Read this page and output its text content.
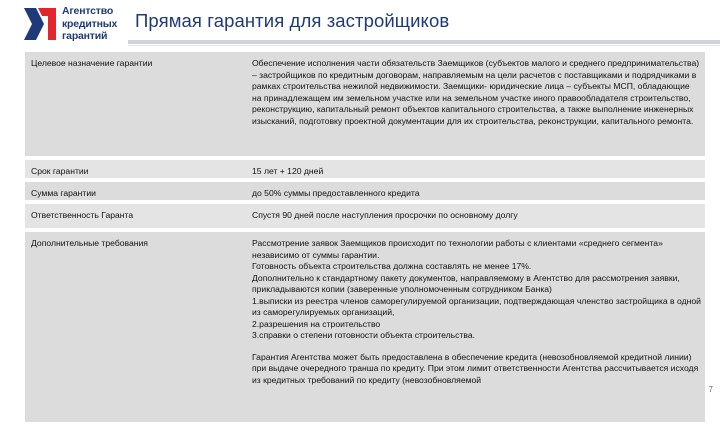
Агентство
кредитных
гарантий
Прямая гарантия для застройщиков
Целевое назначение гарантии	Обеспечение исполнения части обязательств Заемщиков (субъектов малого и среднего предпринимательства) – застройщиков по кредитным договорам, направляемым на цели расчетов с поставщиками и подрядчиками в рамках строительства нежилой недвижимости. Заемщики- юридические лица – субъекты МСП, обладающие на принадлежащем им земельном участке или на земельном участке иного правообладателя строительство, реконструкцию, капитальный ремонт объектов капитального строительства, а также выполнение инженерных изысканий, подготовку проектной документации для их строительства, реконструкции, капитального ремонта.
Срок гарантии	15 лет + 120 дней
Сумма гарантии	до 50% суммы предоставленного кредита
Ответственность Гаранта	Спустя 90 дней после наступления просрочки по основному долгу
Дополнительные требования	Рассмотрение заявок Заемщиков происходит по технологии работы с клиентами «среднего сегмента» независимо от суммы гарантии.

Готовность объекта строительства должна составлять не менее 17%.

Дополнительно к стандартному пакету документов, направляемому в Агентство для рассмотрения заявки, прикладываются копии (заверенные уполномоченным сотрудником Банка)

1.выписки из реестра членов саморегулируемой организации, подтверждающая членство застройщика в одной из саморегулируемых организаций,

2.разрешения на строительство

3.справки о степени готовности объекта строительства.

Гарантия Агентства может быть предоставлена в обеспечение кредита (невозобновляемой кредитной линии) при выдаче очередного транша по кредиту. При этом лимит ответственности Агентства рассчитывается исходя из кредитных требований по кредиту (невозобновляемой

7
